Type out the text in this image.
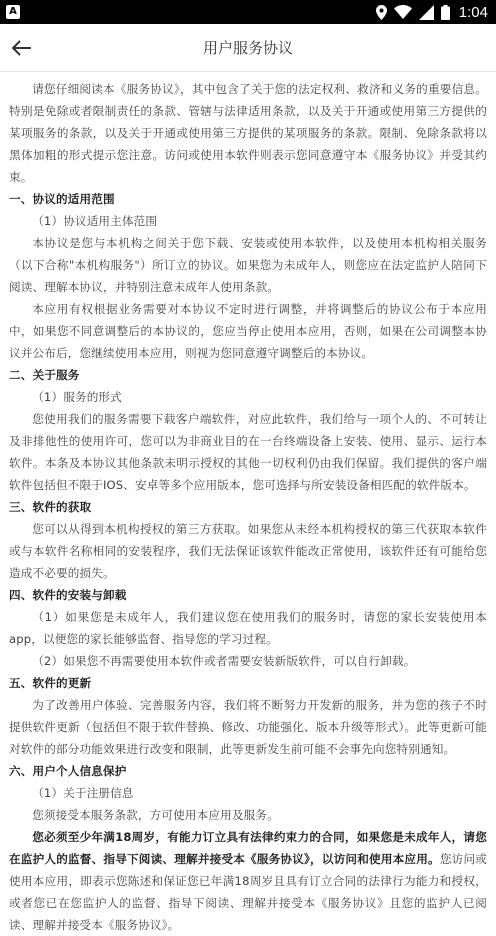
A	1:04
用户服务协议

请您仔细阅读本《服务协议》，其中包含了关于您的法定权利、救济和义务的重要信息。特别是免除或者限制责任的条款、管辖与法律适用条款，以及关于开通或使用第三方提供的某项服务的条款，以及关于开通或使用第三方提供的某项服务的条款。限制、免除条款将以黑体加粗的形式提示您注意。访问或使用本软件则表示您同意遵守本《服务协议》并受其约束。

一、协议的适用范围

（1）协议适用主体范围

本协议是您与本机构之间关于您下载、安装或使用本软件，以及使用本机构相关服务（以下合称"本机构服务"）所订立的协议。如果您为未成年人，则您应在法定监护人陪同下阅读、理解本协议，并特别注意未成年人使用条款。

本应用有权根据业务需要对本协议不定时进行调整，并将调整后的协议公布于本应用中，如果您不同意调整后的本协议的，您应当停止使用本应用，否则，如果在公司调整本协议并公布后，您继续使用本应用，则视为您同意遵守调整后的本协议。

二、关于服务

（1）服务的形式

您使用我们的服务需要下载客户端软件，对应此软件，我们给与一项个人的、不可转让及非排他性的使用许可，您可以为非商业目的在一台终端设备上安装、使用、显示、运行本软件。本条及本协议其他条款未明示授权的其他一切权利仍由我们保留。我们提供的客户端软件包括但不限于IOS、安卓等多个应用版本，您可选择与所安装设备相匹配的软件版本。

三、软件的获取

您可以从得到本机构授权的第三方获取。如果您从未经本机构授权的第三代获取本软件或与本软件名称相同的安装程序，我们无法保证该软件能改正常使用，该软件还有可能给您造成不必要的损失。

四、软件的安装与卸载

（1）如果您是未成年人，我们建议您在使用我们的服务时，请您的家长安装使用本app，以便您的家长能够监督、指导您的学习过程。

（2）如果您不再需要使用本软件或者需要安装新版软件，可以自行卸载。

五、软件的更新

为了改善用户体验、完善服务内容，我们将不断努力开发新的服务，并为您的孩子不时提供软件更新（包括但不限于软件替换、修改、功能强化、版本升级等形式）。此等更新可能对软件的部分功能效果进行改变和限制，此等更新发生前可能不会事先向您特别通知。

六、用户个人信息保护

（1）关于注册信息

您须接受本服务条款，方可使用本应用及服务。

您必须至少年满18周岁，有能力订立具有法律约束力的合同，如果您是未成年人，请您在监护人的监督、指导下阅读、理解并接受本《服务协议》，以访问和使用本应用。您访问或使用本应用，即表示您陈述和保证您已年满18周岁且具有订立合同的法律行为能力和授权，或者您已在您监护人的监督、指导下阅读、理解并接受本《服务协议》且您的监护人已阅读、理解并接受本《服务协议》。
